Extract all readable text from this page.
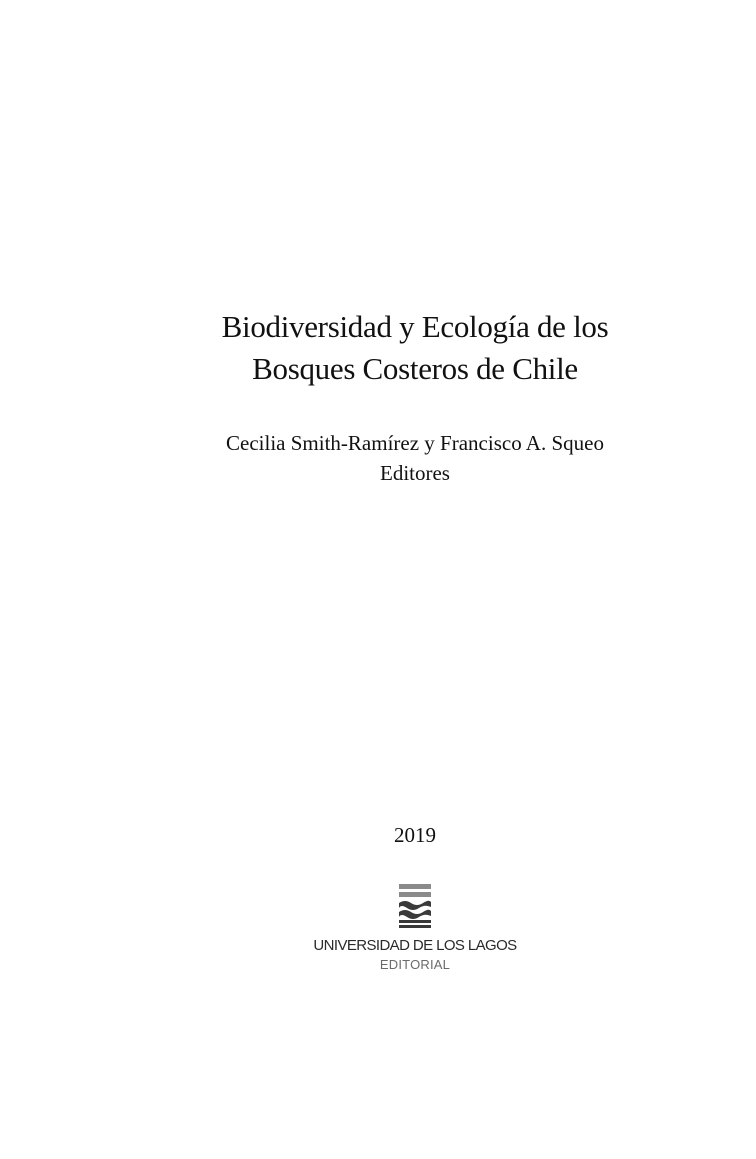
Biodiversidad y Ecología de los
Bosques Costeros de Chile
Cecilia Smith-Ramírez y Francisco A. Squeo
Editores
2019
UNIVERSIDAD DE LOS LAGOS
EDITORIAL
